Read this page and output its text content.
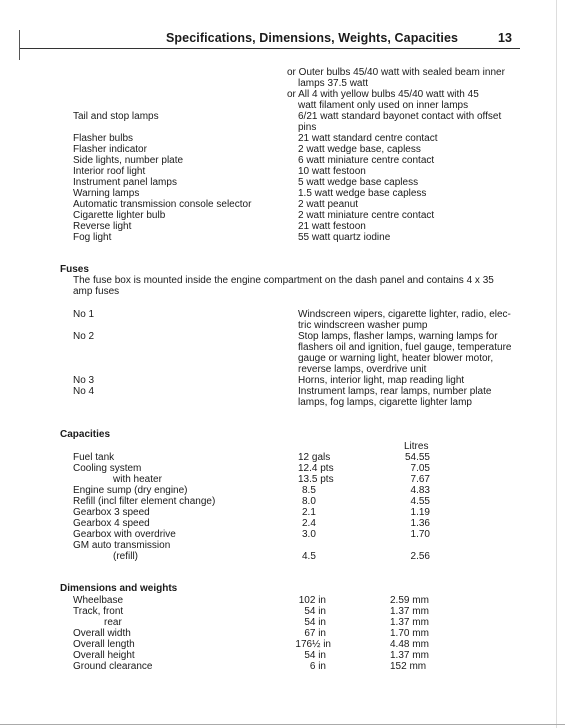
Specifications, Dimensions, Weights, Capacities	13
or Outer bulbs 45/40 watt with sealed beam inner
lamps 37.5 watt
or All 4 with yellow bulbs 45/40 watt with 45
watt filament only used on inner lamps
Tail and stop lamps	6/21 watt standard bayonet contact with offset
pins
Flasher bulbs	21 watt standard centre contact
Flasher indicator	2 watt wedge base, capless
Side lights, number plate	6 watt miniature centre contact
Interior roof light	10 watt festoon
Instrument panel lamps	5 watt wedge base capless
Warning lamps	1.5 watt wedge base capless
Automatic transmission console selector	2 watt peanut
Cigarette lighter bulb	2 watt miniature centre contact
Reverse light	21 watt festoon
Fog light	55 watt quartz iodine
Fuses
The fuse box is mounted inside the engine compartment on the dash panel and contains 4 x 35
amp fuses
No 1	Windscreen wipers, cigarette lighter, radio, elec-
tric windscreen washer pump
No 2	Stop lamps, flasher lamps, warning lamps for
flashers oil and ignition, fuel gauge, temperature
gauge or warning light, heater blower motor,
reverse lamps, overdrive unit
No 3	Horns, interior light, map reading light
No 4	Instrument lamps, rear lamps, number plate
lamps, fog lamps, cigarette lighter lamp
Capacities
Litres
Fuel tank	12 gals	54.55
Cooling system	12.4 pts	7.05
with heater	13.5 pts	7.67
Engine sump (dry engine)	8.5	4.83
Refill (incl filter element change)	8.0	4.55
Gearbox 3 speed	2.1	1.19
Gearbox 4 speed	2.4	1.36
Gearbox with overdrive	3.0	1.70
GM auto transmission
(refill)	4.5	2.56
Dimensions and weights
Wheelbase	102 in	2.59 mm
Track, front	54 in	1.37 mm
rear	54 in	1.37 mm
Overall width	67 in	1.70 mm
Overall length	176½ in	4.48 mm
Overall height	54 in	1.37 mm
Ground clearance	6 in	152 mm
